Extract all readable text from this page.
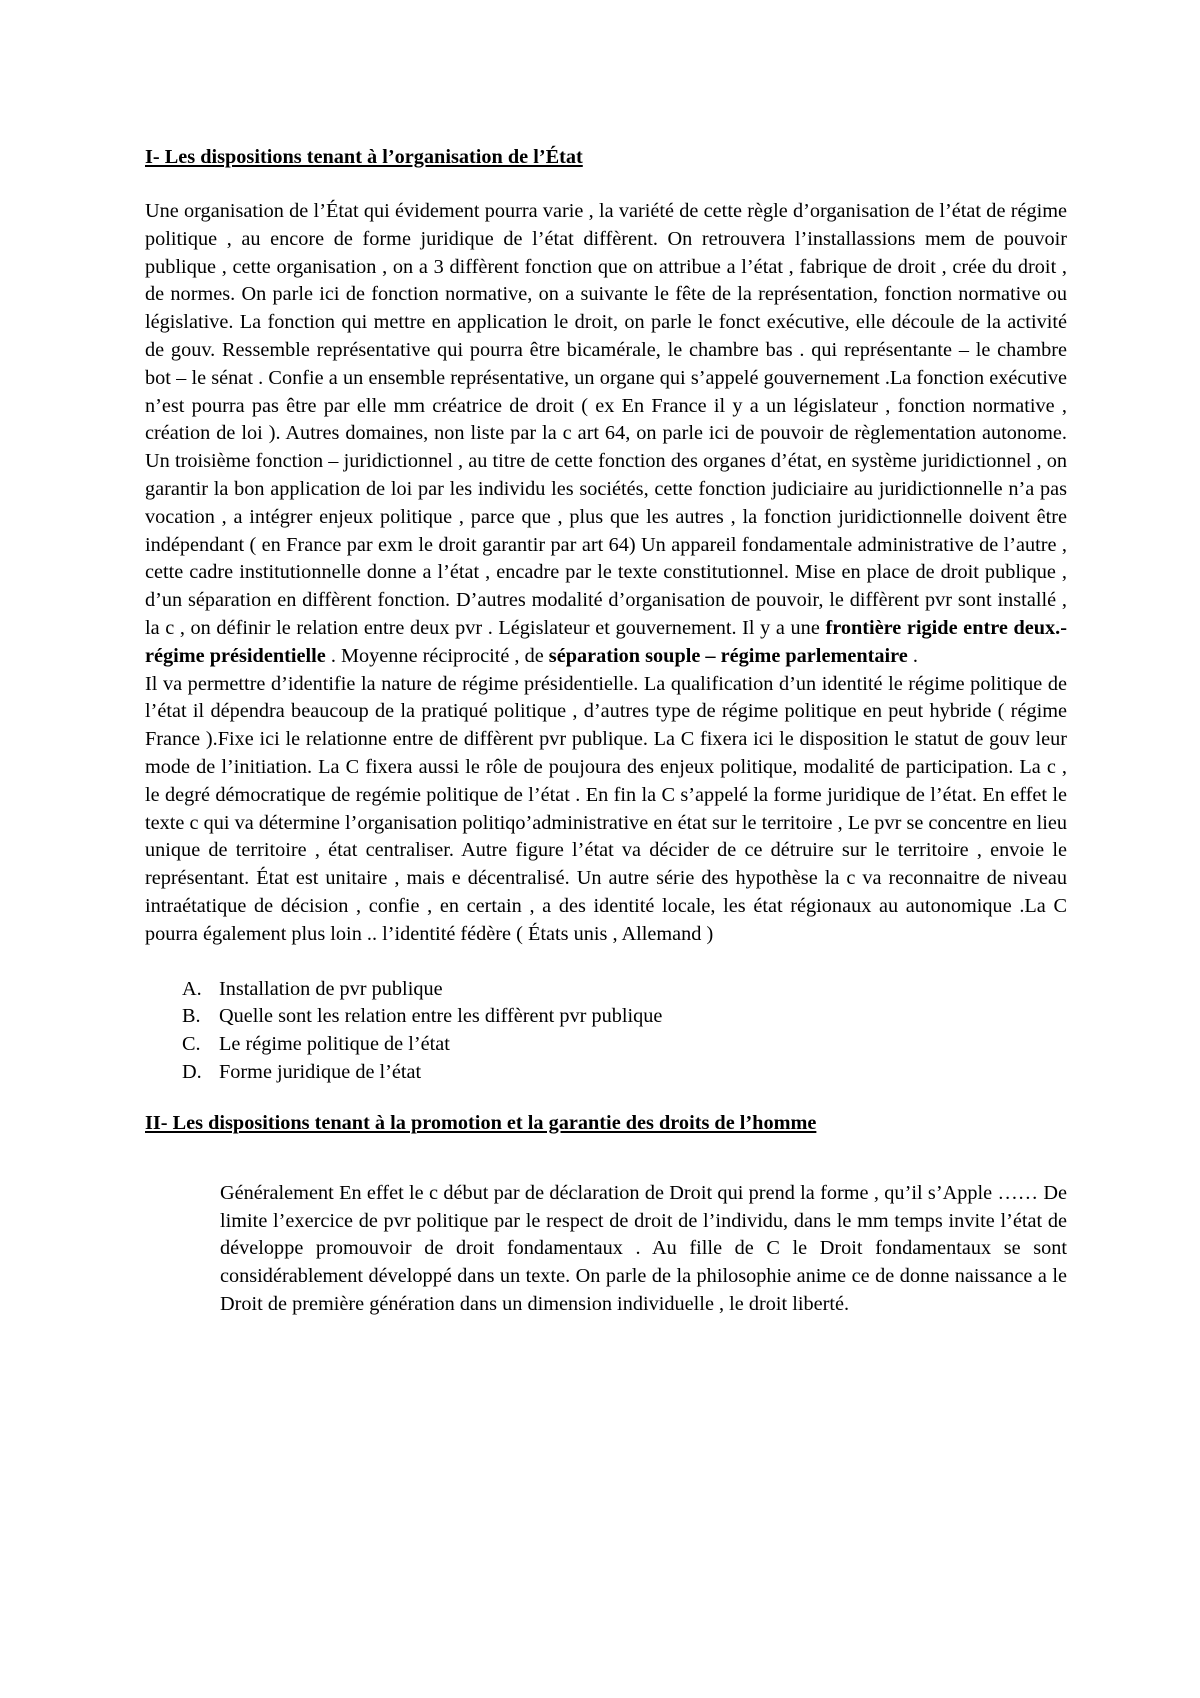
I- Les dispositions tenant à l’organisation de l’État

Une organisation de l’État qui évidement pourra varie , la variété de cette règle d’organisation de l’état de régime politique , au encore de forme juridique de l’état diffèrent. On retrouvera l’installassions mem de pouvoir publique , cette organisation , on a 3 diffèrent fonction que on attribue a l’état , fabrique de droit , crée du droit , de normes. On parle ici de fonction normative, on a suivante le fête de la représentation, fonction normative ou législative. La fonction qui mettre en application le droit, on parle le fonct exécutive, elle découle de la activité de gouv. Ressemble représentative qui pourra être bicamérale, le chambre bas . qui représentante – le chambre bot – le sénat . Confie a un ensemble représentative, un organe qui s’appelé gouvernement .La fonction exécutive n’est pourra pas être par elle mm créatrice de droit ( ex En France il y a un législateur , fonction normative , création de loi ). Autres domaines, non liste par la c art 64, on parle ici de pouvoir de règlementation autonome. Un troisième fonction – juridictionnel , au titre de cette fonction des organes d’état, en système juridictionnel , on garantir la bon application de loi par les individu les sociétés, cette fonction judiciaire au juridictionnelle n’a pas vocation , a intégrer enjeux politique , parce que , plus que les autres , la fonction juridictionnelle doivent être indépendant ( en France par exm le droit garantir par art 64) Un appareil fondamentale administrative de l’autre , cette cadre institutionnelle donne a l’état , encadre par le texte constitutionnel. Mise en place de droit publique , d’un séparation en diffèrent fonction. D’autres modalité d’organisation de pouvoir, le diffèrent pvr sont installé , la c , on définir le relation entre deux pvr . Législateur et gouvernement. Il y a une frontière rigide entre deux.- régime présidentielle . Moyenne réciprocité , de séparation souple – régime parlementaire .

Il va permettre d’identifie la nature de régime présidentielle. La qualification d’un identité le régime politique de l’état il dépendra beaucoup de la pratiqué politique , d’autres type de régime politique en peut hybride ( régime France ).Fixe ici le relationne entre de diffèrent pvr publique. La C fixera ici le disposition le statut de gouv leur mode de l’initiation. La C fixera aussi le rôle de poujoura des enjeux politique, modalité de participation. La c , le degré démocratique de regémie politique de l’état . En fin la C s’appelé la forme juridique de l’état. En effet le texte c qui va détermine l’organisation politiqo’administrative en état sur le territoire , Le pvr se concentre en lieu unique de territoire , état centraliser. Autre figure l’état va décider de ce détruire sur le territoire , envoie le représentant. État est unitaire , mais e décentralisé. Un autre série des hypothèse la c va reconnaitre de niveau intraétatique de décision , confie , en certain , a des identité locale, les état régionaux au autonomique .La C pourra également plus loin .. l’identité fédère ( États unis , Allemand )

A. Installation de pvr publique
B. Quelle sont les relation entre les diffèrent pvr publique
C. Le régime politique de l’état
D. Forme juridique de l’état
II- Les dispositions tenant à la promotion et la garantie des droits de l’homme

Généralement En effet le c début par de déclaration de Droit qui prend la forme , qu’il s’Apple …… De limite l’exercice de pvr politique par le respect de droit de l’individu, dans le mm temps invite l’état de développe promouvoir de droit fondamentaux . Au fille de C le Droit fondamentaux se sont considérablement développé dans un texte. On parle de la philosophie anime ce de donne naissance a le Droit de première génération dans un dimension individuelle , le droit liberté.
